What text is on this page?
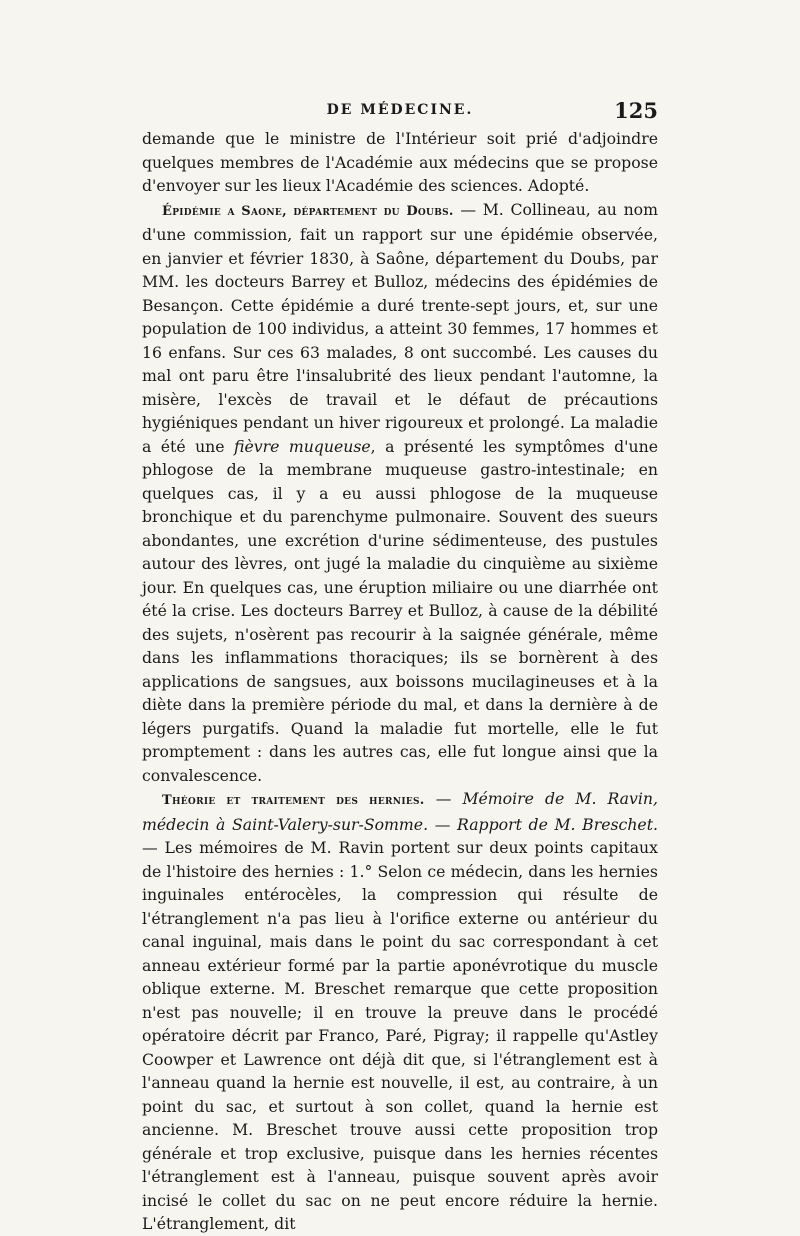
DE MÉDECINE.	125

demande que le ministre de l'Intérieur soit prié d'adjoindre quelques membres de l'Académie aux médecins que se propose d'envoyer sur les lieux l'Académie des sciences. Adopté.

Épidémie a Saone, département du Doubs. — M. Collineau, au nom d'une commission, fait un rapport sur une épidémie observée, en janvier et février 1830, à Saône, département du Doubs, par MM. les docteurs Barrey et Bulloz, médecins des épidémies de Besançon. Cette épidémie a duré trente-sept jours, et, sur une population de 100 individus, a atteint 30 femmes, 17 hommes et 16 enfans. Sur ces 63 malades, 8 ont succombé. Les causes du mal ont paru être l'insalubrité des lieux pendant l'automne, la misère, l'excès de travail et le défaut de précautions hygiéniques pendant un hiver rigoureux et prolongé. La maladie a été une fièvre muqueuse, a présenté les symptômes d'une phlogose de la membrane muqueuse gastro-intestinale; en quelques cas, il y a eu aussi phlogose de la muqueuse bronchique et du parenchyme pulmonaire. Souvent des sueurs abondantes, une excrétion d'urine sédimenteuse, des pustules autour des lèvres, ont jugé la maladie du cinquième au sixième jour. En quelques cas, une éruption miliaire ou une diarrhée ont été la crise. Les docteurs Barrey et Bulloz, à cause de la débilité des sujets, n'osèrent pas recourir à la saignée générale, même dans les inflammations thoraciques; ils se bornèrent à des applications de sangsues, aux boissons mucilagineuses et à la diète dans la première période du mal, et dans la dernière à de légers purgatifs. Quand la maladie fut mortelle, elle le fut promptement : dans les autres cas, elle fut longue ainsi que la convalescence.

Théorie et traitement des hernies. — Mémoire de M. Ravin, médecin à Saint-Valery-sur-Somme. — Rapport de M. Breschet. — Les mémoires de M. Ravin portent sur deux points capitaux de l'histoire des hernies : 1.° Selon ce médecin, dans les hernies inguinales entérocèles, la compression qui résulte de l'étranglement n'a pas lieu à l'orifice externe ou antérieur du canal inguinal, mais dans le point du sac correspondant à cet anneau extérieur formé par la partie aponévrotique du muscle oblique externe. M. Breschet remarque que cette proposition n'est pas nouvelle; il en trouve la preuve dans le procédé opératoire décrit par Franco, Paré, Pigray; il rappelle qu'Astley Coowper et Lawrence ont déjà dit que, si l'étranglement est à l'anneau quand la hernie est nouvelle, il est, au contraire, à un point du sac, et surtout à son collet, quand la hernie est ancienne. M. Breschet trouve aussi cette proposition trop générale et trop exclusive, puisque dans les hernies récentes l'étranglement est à l'anneau, puisque souvent après avoir incisé le collet du sac on ne peut encore réduire la hernie. L'étranglement, dit
